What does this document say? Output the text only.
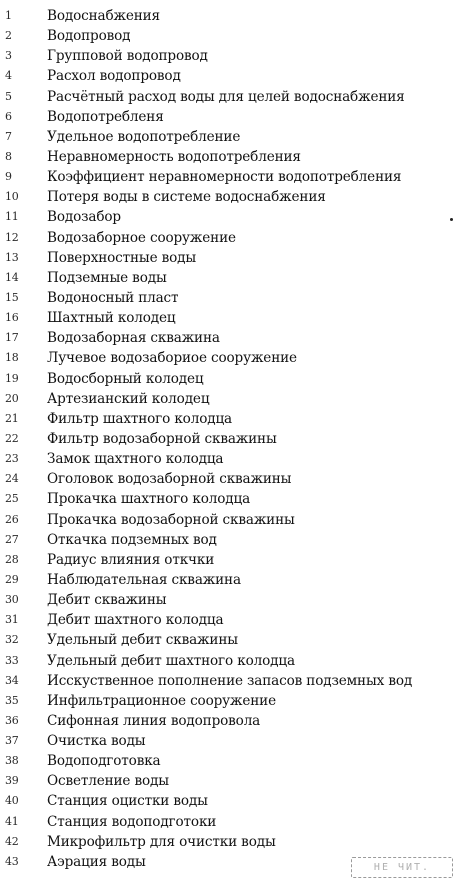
1	Водоснабжения
2	Водопровод
3	Групповой водопровод
4	Расхол водопровод
5	Расчётный расход воды для целей водоснабжения
6	Водопотребленя
7	Удельное водопотребление
8	Неравномерность водопотребления
9	Коэффициент неравномерности водопотребления
10	Потеря воды в системе водоснабжения
11	Водозабор
12	Водозаборное сооружение
13	Поверхностные воды
14	Подземные воды
15	Водоносный пласт
16	Шахтный колодец
17	Водозаборная скважина
18	Лучевое водозабориое сооружение
19	Водосборный колодец
20	Артезианский колодец
21	Фильтр шахтного колодца
22	Фильтр водозаборной скважины
23	Замок щахтного колодца
24	Оголовок водозаборной скважины
25	Прокачка шахтного колодца
26	Прокачка водозаборной скважины
27	Откачка подземных вод
28	Радиус влияния откчки
29	Наблюдательная скважина
30	Дебит скважины
31	Дебит шахтного колодца
32	Удельный дебит скважины
33	Удельный дебит шахтного колодца
34	Исскуственное пополнение запасов подземных вод
35	Инфильтрационное сооружение
36	Сифонная линия водопровола
37	Очистка воды
38	Водоподготовка
39	Осветление воды
40	Станция оцистки воды
41	Станция водоподготоки
42	Микрофильтр для очистки воды
43	Аэрация воды	НЕ ЧИТ.
